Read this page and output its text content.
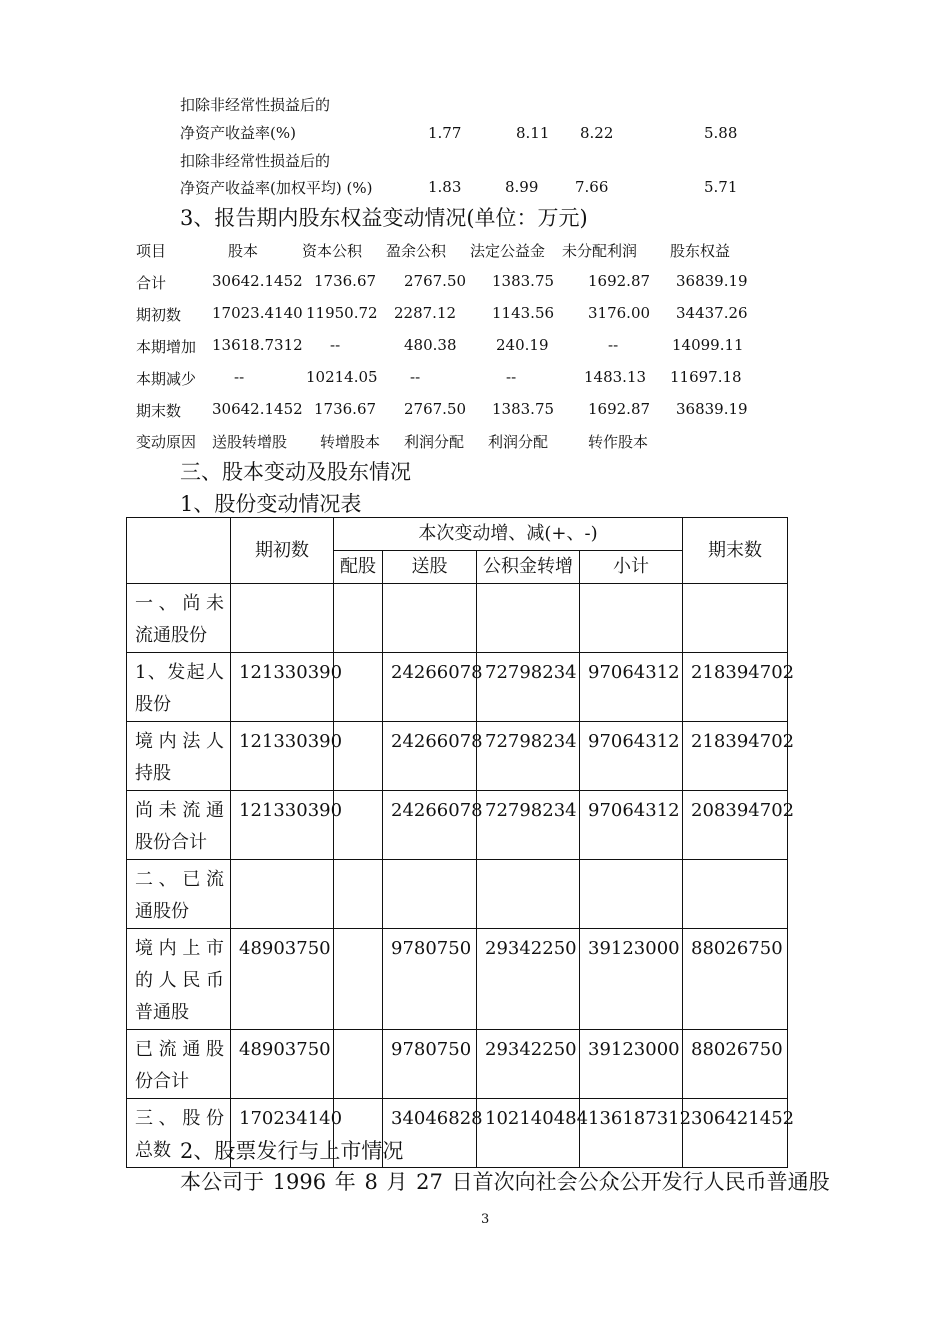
扣除非经常性损益后的
净资产收益率(%)	1.77	8.11 8.22	5.88
扣除非经常性损益后的
净资产收益率(加权平均) (%)	1.83	8.99 7.66	5.71
3、报告期内股东权益变动情况(单位：万元)
项目	股本	资本公积 盈余公积 法定公益金 未分配利润 股东权益
合计	30642.1452 1736.67 2767.50 1383.75 1692.87 36839.19
期初数 17023.4140 11950.72 2287.12 1143.56 3176.00 34437.26
本期增加 13618.7312 --	480.38	240.19	--	14099.11
本期减少	--	10214.05 --	--	1483.13 11697.18
期末数 30642.1452 1736.67 2767.50 1383.75 1692.87 36839.19
变动原因 送股转增股 转增股本 利润分配 利润分配	转作股本
三、股本变动及股东情况
1、股份变动情况表
	期初数	本次变动增、减(+、-)				期末数
		配股	送股	公积金转增	小计	

一、尚未
流通股份						

1、发起人
股份	121330390		24266078	72798234	97064312	218394702

境内法人
持股	121330390		24266078	72798234	97064312	218394702

尚未流通
股份合计	121330390		24266078	72798234	97064312	208394702

二、已流
通股份						

境内上市
的人民币
普通股	48903750		9780750	29342250	39123000	88026750

已流通股
份合计	48903750		9780750	29342250	39123000	88026750

三、股份
总数	170234140		34046828	102140484	136187312	306421452
2、股票发行与上市情况
本公司于 1996 年 8 月 27 日首次向社会公众公开发行人民币普通股
3
